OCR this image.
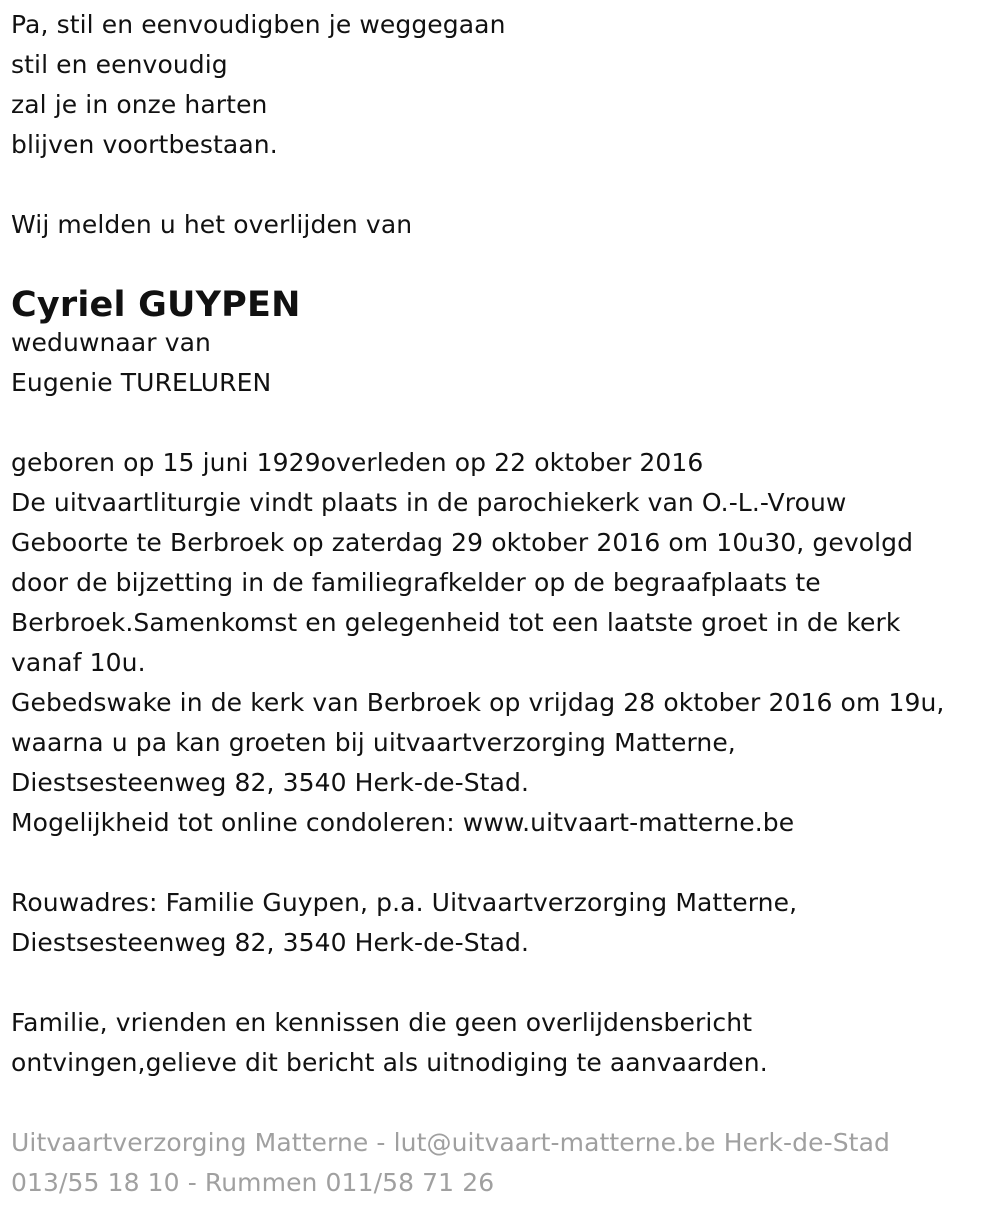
Pa, stil en eenvoudigben je weggegaan
stil en eenvoudig
zal je in onze harten
blijven voortbestaan.
Wij melden u het overlijden van
Cyriel GUYPEN
weduwnaar van
Eugenie TURELUREN
geboren op 15 juni 1929overleden op 22 oktober 2016
De uitvaartliturgie vindt plaats in de parochiekerk van O.-L.-Vrouw
Geboorte te Berbroek op zaterdag 29 oktober 2016 om 10u30, gevolgd
door de bijzetting in de familiegrafkelder op de begraafplaats te
Berbroek.Samenkomst en gelegenheid tot een laatste groet in de kerk
vanaf 10u.
Gebedswake in de kerk van Berbroek op vrijdag 28 oktober 2016 om 19u,
waarna u pa kan groeten bij uitvaartverzorging Matterne,
Diestsesteenweg 82, 3540 Herk-de-Stad.
Mogelijkheid tot online condoleren: www.uitvaart-matterne.be
Rouwadres: Familie Guypen, p.a. Uitvaartverzorging Matterne,
Diestsesteenweg 82, 3540 Herk-de-Stad.
Familie, vrienden en kennissen die geen overlijdensbericht
ontvingen,gelieve dit bericht als uitnodiging te aanvaarden.
Uitvaartverzorging Matterne - lut@uitvaart-matterne.be Herk-de-Stad
013/55 18 10 - Rummen 011/58 71 26
